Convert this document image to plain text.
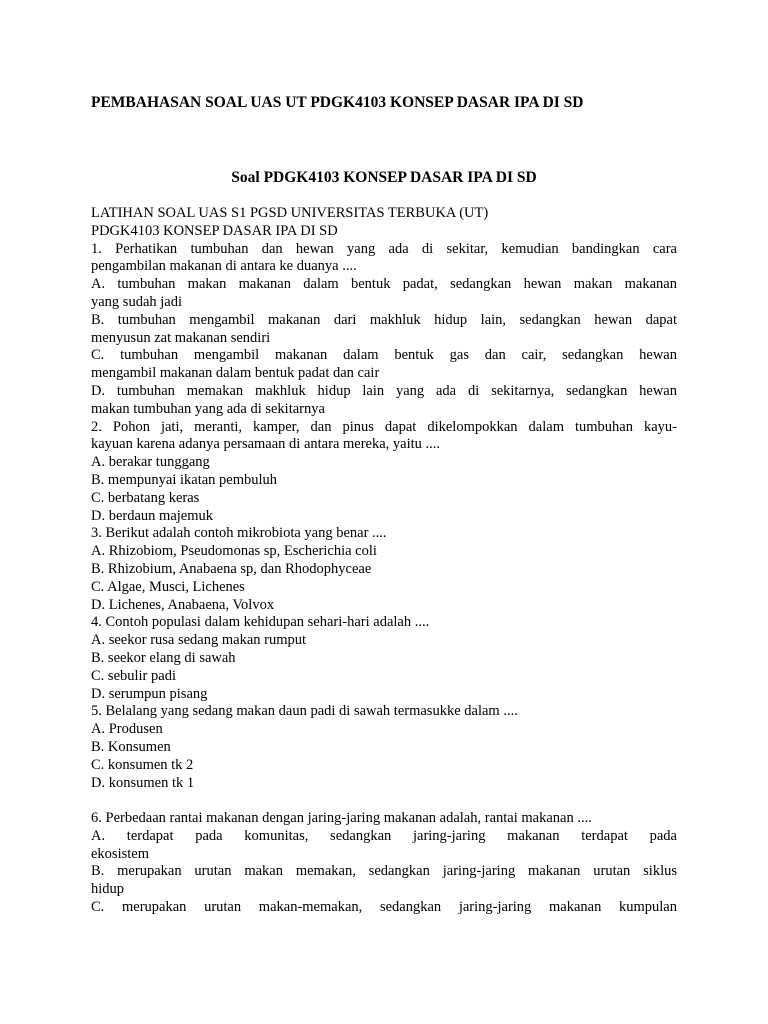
PEMBAHASAN SOAL UAS UT PDGK4103 KONSEP DASAR IPA DI SD
Soal PDGK4103 KONSEP DASAR IPA DI SD
LATIHAN SOAL UAS S1 PGSD UNIVERSITAS TERBUKA (UT)
PDGK4103 KONSEP DASAR IPA DI SD
1. Perhatikan tumbuhan dan hewan yang ada di sekitar, kemudian bandingkan cara
pengambilan makanan di antara ke duanya ....
A. tumbuhan makan makanan dalam bentuk padat, sedangkan hewan makan makanan
yang sudah jadi
B. tumbuhan mengambil makanan dari makhluk hidup lain, sedangkan hewan dapat
menyusun zat makanan sendiri
C. tumbuhan mengambil makanan dalam bentuk gas dan cair, sedangkan hewan
mengambil makanan dalam bentuk padat dan cair
D. tumbuhan memakan makhluk hidup lain yang ada di sekitarnya, sedangkan hewan
makan tumbuhan yang ada di sekitarnya
2. Pohon jati, meranti, kamper, dan pinus dapat dikelompokkan dalam tumbuhan kayu-
kayuan karena adanya persamaan di antara mereka, yaitu ....
A. berakar tunggang
B. mempunyai ikatan pembuluh
C. berbatang keras
D. berdaun majemuk
3. Berikut adalah contoh mikrobiota yang benar ....
A. Rhizobiom, Pseudomonas sp, Escherichia coli
B. Rhizobium, Anabaena sp, dan Rhodophyceae
C. Algae, Musci, Lichenes
D. Lichenes, Anabaena, Volvox
4. Contoh populasi dalam kehidupan sehari-hari adalah ....
A. seekor rusa sedang makan rumput
B. seekor elang di sawah
C. sebulir padi
D. serumpun pisang
5. Belalang yang sedang makan daun padi di sawah termasukke dalam ....
A. Produsen
B. Konsumen
C. konsumen tk 2
D. konsumen tk 1
6. Perbedaan rantai makanan dengan jaring-jaring makanan adalah, rantai makanan ....
A. terdapat pada komunitas, sedangkan jaring-jaring makanan terdapat pada
ekosistem
B. merupakan urutan makan memakan, sedangkan jaring-jaring makanan urutan siklus
hidup
C. merupakan urutan makan-memakan, sedangkan jaring-jaring makanan kumpulan
